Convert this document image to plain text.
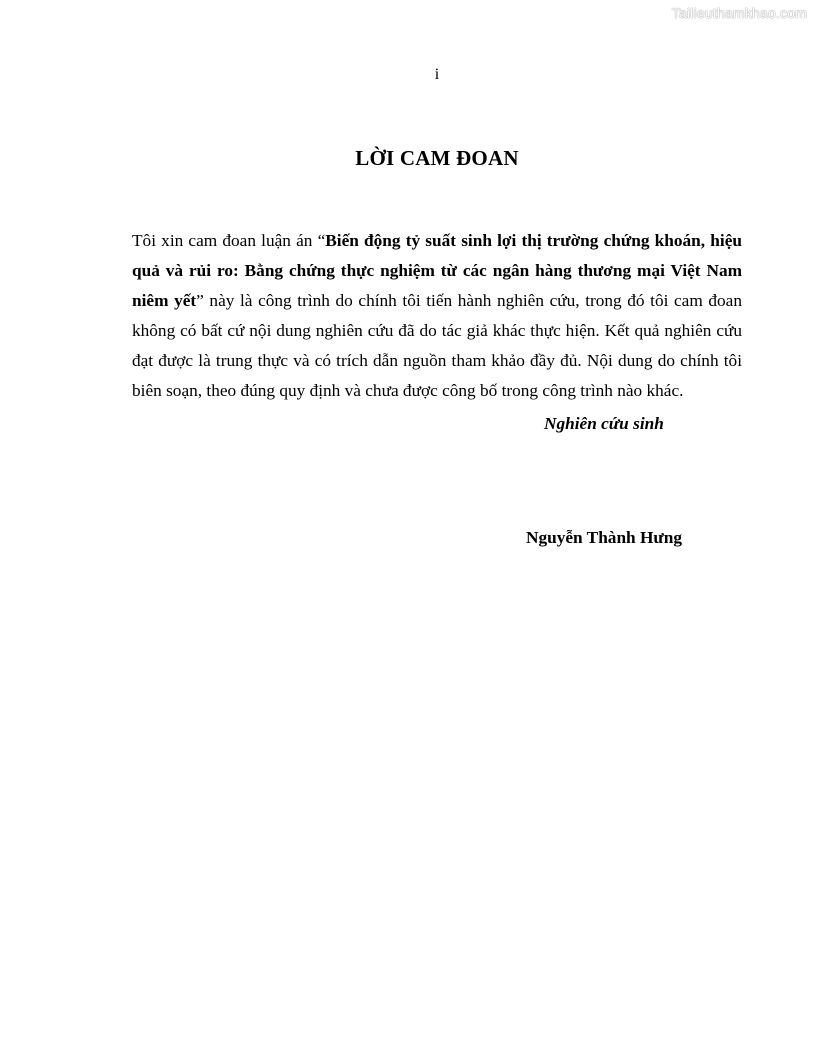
Tailieuthamkhao.com
i
LỜI CAM ĐOAN

Tôi xin cam đoan luận án “Biến động tỷ suất sinh lợi thị trường chứng khoán, hiệu quả và rủi ro: Bằng chứng thực nghiệm từ các ngân hàng thương mại Việt Nam niêm yết” này là công trình do chính tôi tiến hành nghiên cứu, trong đó tôi cam đoan không có bất cứ nội dung nghiên cứu đã do tác giả khác thực hiện. Kết quả nghiên cứu đạt được là trung thực và có trích dẫn nguồn tham khảo đầy đủ. Nội dung do chính tôi biên soạn, theo đúng quy định và chưa được công bố trong công trình nào khác.

Nghiên cứu sinh
Nguyễn Thành Hưng
